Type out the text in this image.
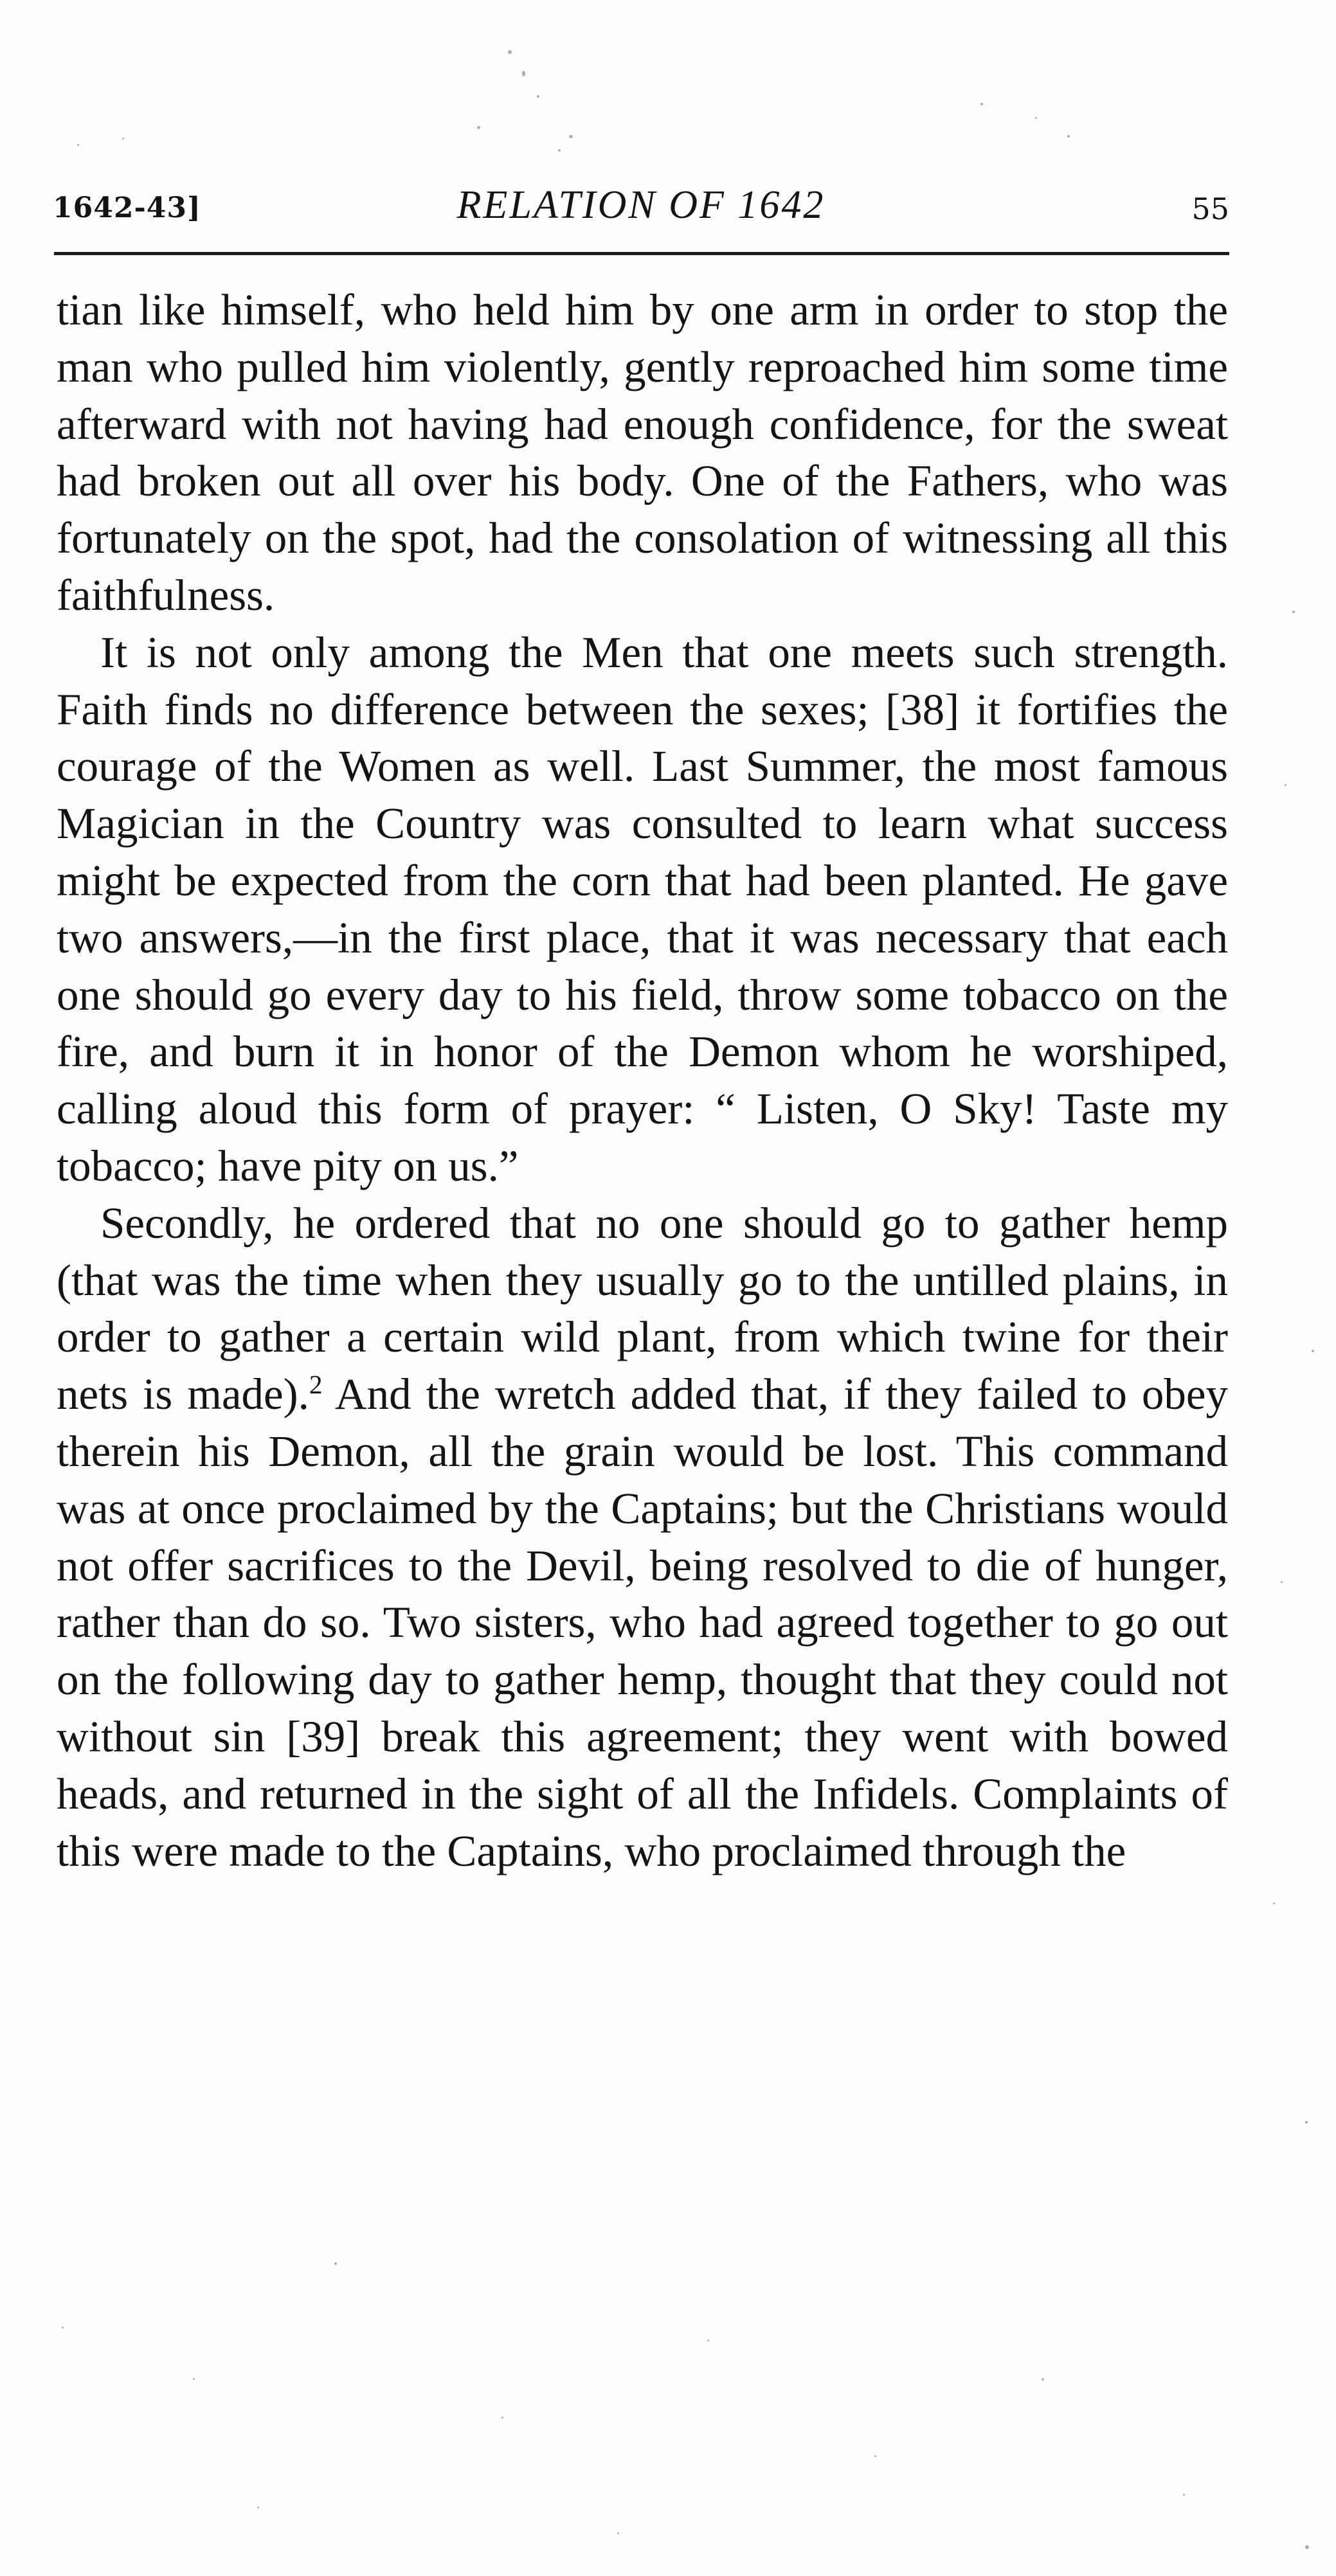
1642-43]	RELATION OF 1642	55

tian like himself, who held him by one arm in order to stop the man who pulled him violently, gently reproached him some time afterward with not having had enough confidence, for the sweat had broken out all over his body. One of the Fathers, who was fortunately on the spot, had the consolation of witnessing all this faithfulness.

It is not only among the Men that one meets such strength. Faith finds no difference between the sexes; [38] it fortifies the courage of the Women as well. Last Summer, the most famous Magician in the Country was consulted to learn what success might be expected from the corn that had been planted. He gave two answers,—in the first place, that it was necessary that each one should go every day to his field, throw some tobacco on the fire, and burn it in honor of the Demon whom he worshiped, calling aloud this form of prayer: “ Listen, O Sky! Taste my tobacco; have pity on us.”

Secondly, he ordered that no one should go to gather hemp (that was the time when they usually go to the untilled plains, in order to gather a certain wild plant, from which twine for their nets is made).$^2$ And the wretch added that, if they failed to obey therein his Demon, all the grain would be lost. This command was at once proclaimed by the Captains; but the Christians would not offer sacrifices to the Devil, being resolved to die of hunger, rather than do so. Two sisters, who had agreed together to go out on the following day to gather hemp, thought that they could not without sin [39] break this agreement; they went with bowed heads, and returned in the sight of all the Infidels. Complaints of this were made to the Captains, who proclaimed through the
